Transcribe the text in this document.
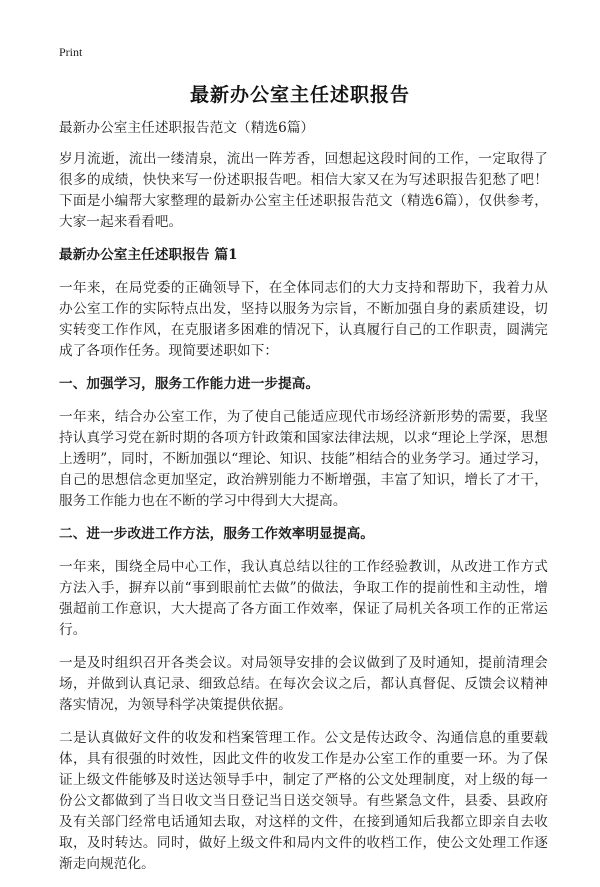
Print
最新办公室主任述职报告

最新办公室主任述职报告范文（精选6篇）

岁月流逝，流出一缕清泉，流出一阵芳香，回想起这段时间的工作，一定取得了很多的成绩，快快来写一份述职报告吧。相信大家又在为写述职报告犯愁了吧！下面是小编帮大家整理的最新办公室主任述职报告范文（精选6篇），仅供参考，大家一起来看看吧。

最新办公室主任述职报告 篇1

一年来，在局党委的正确领导下，在全体同志们的大力支持和帮助下，我着力从办公室工作的实际特点出发，坚持以服务为宗旨，不断加强自身的素质建设，切实转变工作作风，在克服诸多困难的情况下，认真履行自己的工作职责，圆满完成了各项作任务。现简要述职如下：

一、加强学习，服务工作能力进一步提高。

一年来，结合办公室工作，为了使自己能适应现代市场经济新形势的需要，我坚持认真学习党在新时期的各项方针政策和国家法律法规，以求“理论上学深，思想上透明”，同时，不断加强以“理论、知识、技能”相结合的业务学习。通过学习，自己的思想信念更加坚定，政治辨别能力不断增强，丰富了知识，增长了才干，服务工作能力也在不断的学习中得到大大提高。

二、进一步改进工作方法，服务工作效率明显提高。

一年来，围绕全局中心工作，我认真总结以往的工作经验教训，从改进工作方式方法入手，摒弃以前“事到眼前忙去做”的做法，争取工作的提前性和主动性，增强超前工作意识，大大提高了各方面工作效率，保证了局机关各项工作的正常运行。

一是及时组织召开各类会议。对局领导安排的会议做到了及时通知，提前清理会场，并做到认真记录、细致总结。在每次会议之后，都认真督促、反馈会议精神落实情况，为领导科学决策提供依据。

二是认真做好文件的收发和档案管理工作。公文是传达政令、沟通信息的重要载体，具有很强的时效性，因此文件的收发工作是办公室工作的重要一环。为了保证上级文件能够及时送达领导手中，制定了严格的公文处理制度，对上级的每一份公文都做到了当日收文当日登记当日送交领导。有些紧急文件，县委、县政府及有关部门经常电话通知去取，对这样的文件，在接到通知后我都立即亲自去收取，及时转达。同时，做好上级文件和局内文件的收档工作，使公文处理工作逐渐走向规范化。
